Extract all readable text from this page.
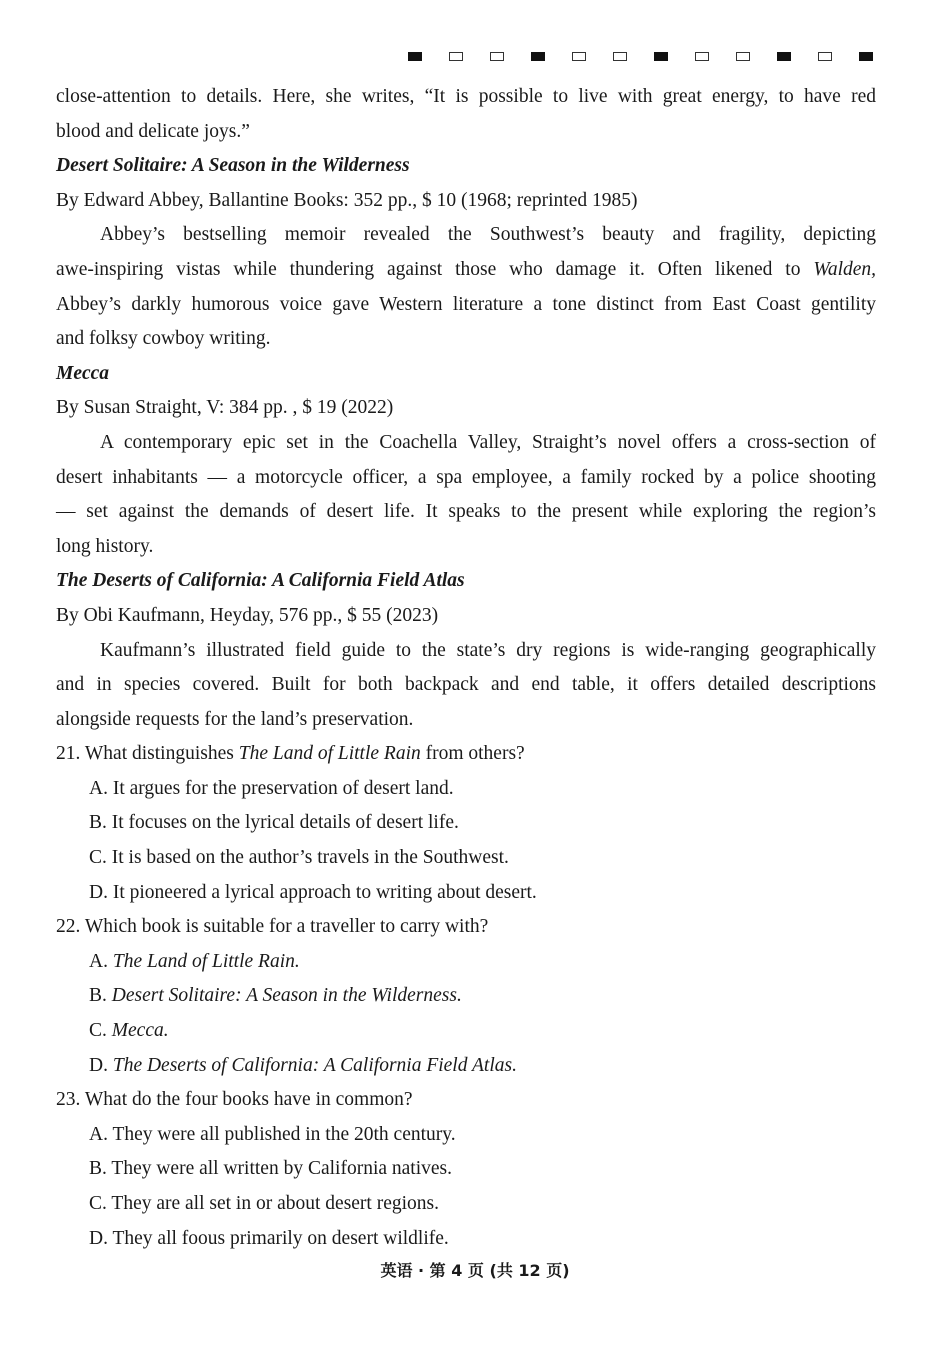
close-attention to details. Here, she writes, “It is possible to live with great energy, to have red
blood and delicate joys.”
Desert Solitaire: A Season in the Wilderness
By Edward Abbey, Ballantine Books: 352 pp., $ 10 (1968; reprinted 1985)
Abbey’s bestselling memoir revealed the Southwest’s beauty and fragility, depicting
awe-inspiring vistas while thundering against those who damage it. Often likened to Walden,
Abbey’s darkly humorous voice gave Western literature a tone distinct from East Coast gentility
and folksy cowboy writing.
Mecca
By Susan Straight, V: 384 pp. , $ 19 (2022)
A contemporary epic set in the Coachella Valley, Straight’s novel offers a cross-section of
desert inhabitants — a motorcycle officer, a spa employee, a family rocked by a police shooting
— set against the demands of desert life. It speaks to the present while exploring the region’s
long history.
The Deserts of California: A California Field Atlas
By Obi Kaufmann, Heyday, 576 pp., $ 55 (2023)
Kaufmann’s illustrated field guide to the state’s dry regions is wide-ranging geographically
and in species covered. Built for both backpack and end table, it offers detailed descriptions
alongside requests for the land’s preservation.
21. What distinguishes The Land of Little Rain from others?
A. It argues for the preservation of desert land.
B. It focuses on the lyrical details of desert life.
C. It is based on the author’s travels in the Southwest.
D. It pioneered a lyrical approach to writing about desert.
22. Which book is suitable for a traveller to carry with?
A. The Land of Little Rain.
B. Desert Solitaire: A Season in the Wilderness.
C. Mecca.
D. The Deserts of California: A California Field Atlas.
23. What do the four books have in common?
A. They were all published in the 20th century.
B. They were all written by California natives.
C. They are all set in or about desert regions.
D. They all foous primarily on desert wildlife.
英语 · 第 4 页 (共 12 页)
